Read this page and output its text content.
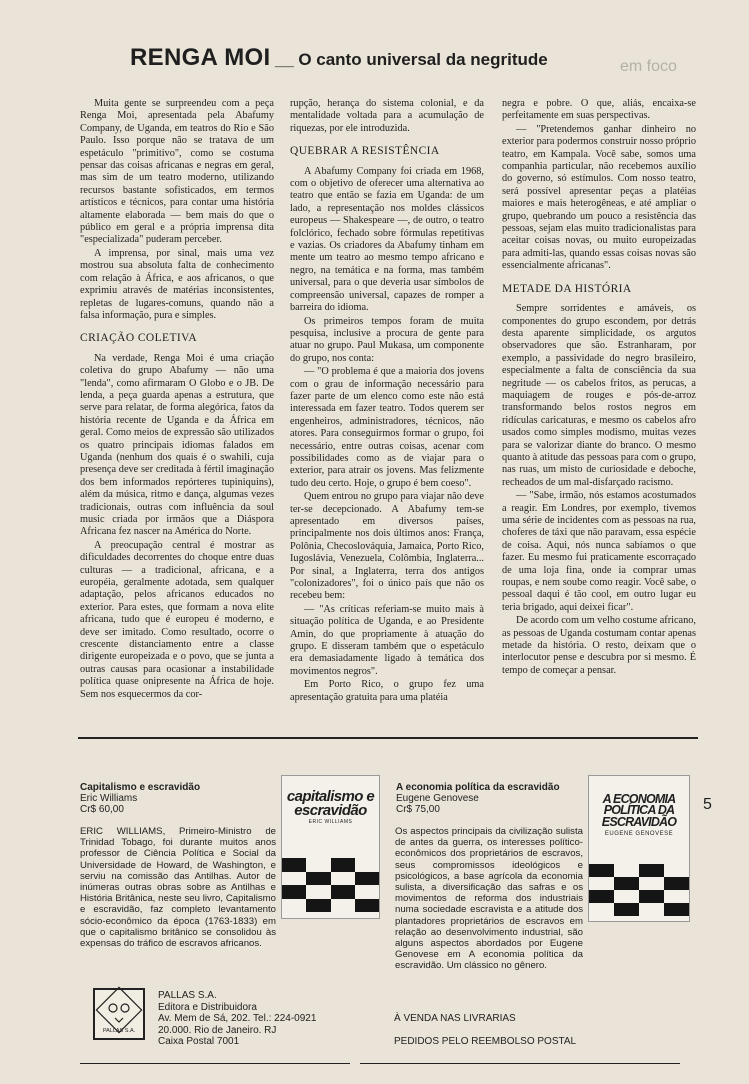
RENGA MOI __ O canto universal da negritude	em foco

Muita gente se surpreendeu com a peça Renga Moi, apresentada pela Abafumy Company, de Uganda, em teatros do Rio e São Paulo. Isso porque não se tratava de um espetáculo "primitivo", como se costuma pensar das coisas africanas e negras em geral, mas sim de um teatro moderno, utilizando recursos bastante sofisticados, em termos artísticos e técnicos, para contar uma história altamente elaborada — bem mais do que o público em geral e a própria imprensa dita "especializada" puderam perceber.

A imprensa, por sinal, mais uma vez mostrou sua absoluta falta de conhecimento com relação à África, e aos africanos, o que exprimiu através de matérias inconsistentes, repletas de lugares-comuns, quando não a falsa informação, pura e simples.

CRIAÇÃO COLETIVA

Na verdade, Renga Moi é uma criação coletiva do grupo Abafumy — não uma "lenda", como afirmaram O Globo e o JB. De lenda, a peça guarda apenas a estrutura, que serve para relatar, de forma alegórica, fatos da história recente de Uganda e da África em geral. Como meios de expressão são utilizados os quatro principais idiomas falados em Uganda (nenhum dos quais é o swahili, cuja presença deve ser creditada à fértil imaginação dos bem informados repórteres tupiniquins), além da música, ritmo e dança, algumas vezes tradicionais, outras com influência da soul music criada por irmãos que a Diáspora Africana fez nascer na América do Norte.

A preocupação central é mostrar as dificuldades decorrentes do choque entre duas culturas — a tradicional, africana, e a européia, geralmente adotada, sem qualquer adaptação, pelos africanos educados no exterior. Para estes, que formam a nova elite africana, tudo que é europeu é moderno, e deve ser imitado. Como resultado, ocorre o crescente distanciamento entre a classe dirigente europeizada e o povo, que se junta a outras causas para ocasionar a instabilidade política quase onipresente na África de hoje. Sem nos esquecermos da cor-

rupção, herança do sistema colonial, e da mentalidade voltada para a acumulação de riquezas, por ele introduzida.

QUEBRAR A RESISTÊNCIA

A Abafumy Company foi criada em 1968, com o objetivo de oferecer uma alternativa ao teatro que então se fazia em Uganda: de um lado, a representação nos moldes clássicos europeus — Shakespeare —, de outro, o teatro folclórico, fechado sobre fórmulas repetitivas e vazias. Os criadores da Abafumy tinham em mente um teatro ao mesmo tempo africano e negro, na temática e na forma, mas também universal, para o que deveria usar símbolos de compreensão universal, capazes de romper a barreira do idioma.

Os primeiros tempos foram de muita pesquisa, inclusive a procura de gente para atuar no grupo. Paul Mukasa, um componente do grupo, nos conta:

— "O problema é que a maioria dos jovens com o grau de informação necessário para fazer parte de um elenco como este não está interessada em fazer teatro. Todos querem ser engenheiros, administradores, técnicos, não atores. Para conseguirmos formar o grupo, foi necessário, entre outras coisas, acenar com possibilidades como as de viajar para o exterior, para atrair os jovens. Mas felizmente tudo deu certo. Hoje, o grupo é bem coeso".

Quem entrou no grupo para viajar não deve ter-se decepcionado. A Abafumy tem-se apresentado em diversos países, principalmente nos dois últimos anos: França, Polônia, Checoslováquia, Jamaica, Porto Rico, Iugoslávia, Venezuela, Colômbia, Inglaterra... Por sinal, a Inglaterra, terra dos antigos "colonizadores", foi o único país que não os recebeu bem:

— "As críticas referiam-se muito mais à situação política de Uganda, e ao Presidente Amin, do que propriamente à atuação do grupo. E disseram também que o espetáculo era demasiadamente ligado à temática dos movimentos negros".

Em Porto Rico, o grupo fez uma apresentação gratuita para uma platéia

negra e pobre. O que, aliás, encaixa-se perfeitamente em suas perspectivas.

— "Pretendemos ganhar dinheiro no exterior para podermos construir nosso próprio teatro, em Kampala. Você sabe, somos uma companhia particular, não recebemos auxílio do governo, só estímulos. Com nosso teatro, será possível apresentar peças a platéias maiores e mais heterogêneas, e até ampliar o grupo, quebrando um pouco a resistência das pessoas, sejam elas muito tradicionalistas para aceitar coisas novas, ou muito europeizadas para admiti-las, quando essas coisas novas são essencialmente africanas".

METADE DA HISTÓRIA

Sempre sorridentes e amáveis, os componentes do grupo escondem, por detrás desta aparente simplicidade, os argutos observadores que são. Estranharam, por exemplo, a passividade do negro brasileiro, especialmente a falta de consciência da sua negritude — os cabelos fritos, as perucas, a maquiagem de rouges e pós-de-arroz transformando belos rostos negros em ridículas caricaturas, e mesmo os cabelos afro usados como simples modismo, muitas vezes para se valorizar diante do branco. O mesmo quanto à atitude das pessoas para com o grupo, nas ruas, um misto de curiosidade e deboche, recheados de um mal-disfarçado racismo.

— "Sabe, irmão, nós estamos acostumados a reagir. Em Londres, por exemplo, tivemos uma série de incidentes com as pessoas na rua, choferes de táxi que não paravam, essa espécie de coisa. Aqui, nós nunca sabíamos o que fazer. Eu mesmo fui praticamente escorraçado de uma loja fina, onde ia comprar umas roupas, e nem soube como reagir. Você sabe, o pessoal daqui é tão cool, em outro lugar eu teria brigado, aqui deixei ficar".

De acordo com um velho costume africano, as pessoas de Uganda costumam contar apenas metade da história. O resto, deixam que o interlocutor pense e descubra por si mesmo. É tempo de começar a pensar.

5
Capitalismo e escravidão
Eric Williams
Cr$ 60,00
ERIC WILLIAMS, Primeiro-Ministro de Trinidad Tobago, foi durante muitos anos professor de Ciência Política e Social da Universidade de Howard, de Washington, e serviu na comissão das Antilhas. Autor de inúmeras outras obras sobre as Antilhas e História Britânica, neste seu livro, Capitalismo e escravidão, faz completo levantamento sócio-econômico da época (1763-1833) em que o capitalismo britânico se consolidou às expensas do tráfico de escravos africanos.
capitalismo e escravidão
ERIC WILLIAMS
A economia política da escravidão
Eugene Genovese
Cr$ 75,00
Os aspectos principais da civilização sulista de antes da guerra, os interesses político-econômicos dos proprietários de escravos, seus compromissos ideológicos e psicológicos, a base agrícola da economia sulista, a diversificação das safras e os movimentos de reforma dos industriais numa sociedade escravista e a atitude dos plantadores proprietários de escravos em relação ao desenvolvimento industrial, são alguns aspectos abordados por Eugene Genovese em A economia política da escravidão. Um clássico no gênero.
A ECONOMIA POLÍTICA DA ESCRAVIDÃO
EUGENE GENOVESE
PALLAS S.A.
PALLAS S.A.
Editora e Distribuidora
Av. Mem de Sá, 202. Tel.: 224-0921
20.000. Rio de Janeiro. RJ
Caixa Postal 7001
À VENDA NAS LIVRARIAS
PEDIDOS PELO REEMBOLSO POSTAL
